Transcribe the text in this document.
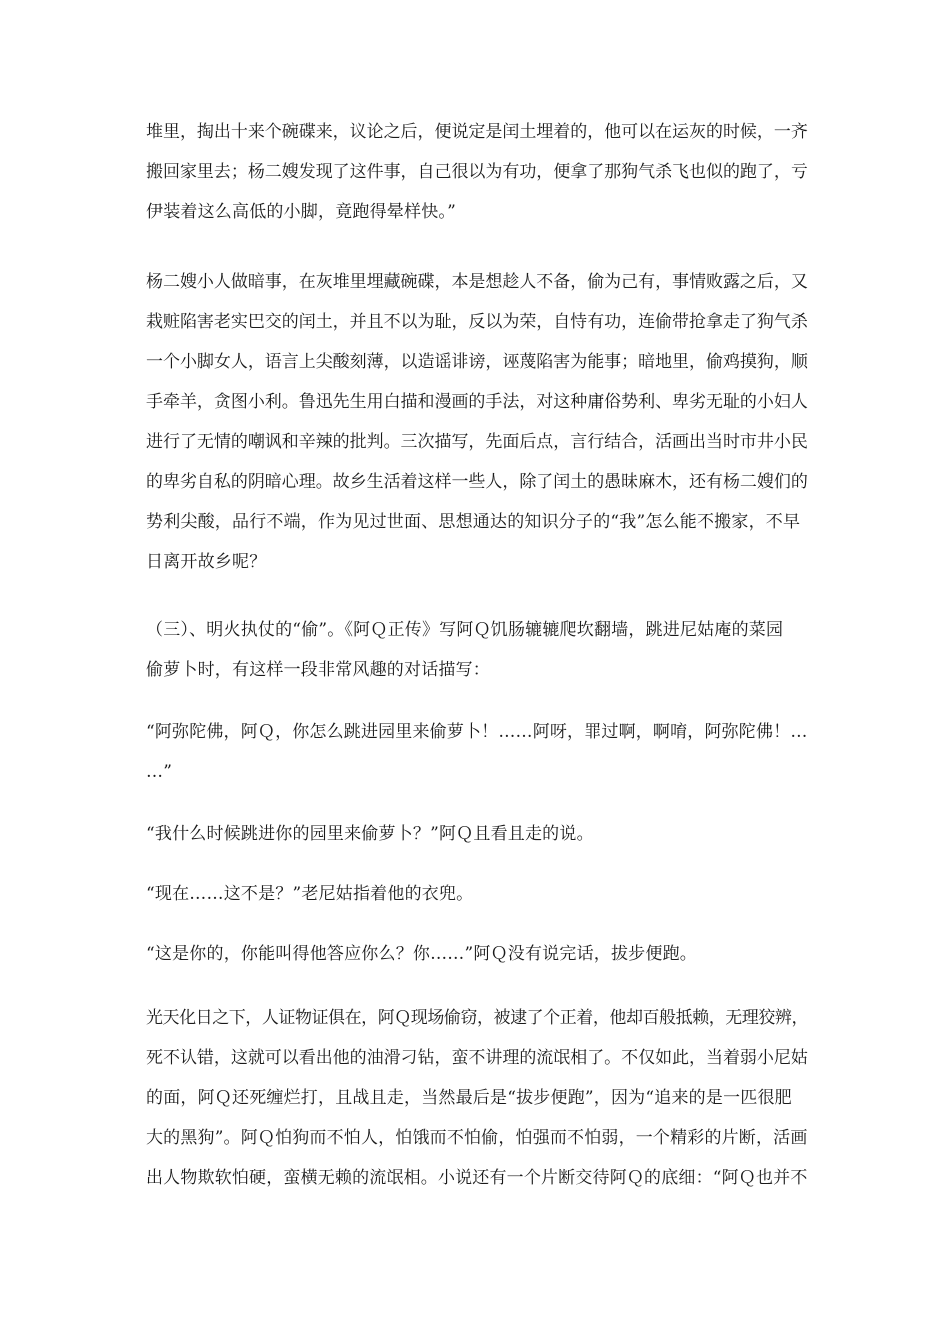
堆里，掏出十来个碗碟来，议论之后，便说定是闰土埋着的，他可以在运灰的时候，一齐
搬回家里去；杨二嫂发现了这件事，自己很以为有功，便拿了那狗气杀飞也似的跑了，亏
伊装着这么高低的小脚，竟跑得晕样快。”
杨二嫂小人做暗事，在灰堆里埋藏碗碟，本是想趁人不备，偷为己有，事情败露之后，又
栽赃陷害老实巴交的闰土，并且不以为耻，反以为荣，自恃有功，连偷带抢拿走了狗气杀
一个小脚女人，语言上尖酸刻薄，以造谣诽谤，诬蔑陷害为能事；暗地里，偷鸡摸狗，顺
手牵羊，贪图小利。鲁迅先生用白描和漫画的手法，对这种庸俗势利、卑劣无耻的小妇人
进行了无情的嘲讽和辛辣的批判。三次描写，先面后点，言行结合，活画出当时市井小民
的卑劣自私的阴暗心理。故乡生活着这样一些人，除了闰土的愚昧麻木，还有杨二嫂们的
势利尖酸，品行不端，作为见过世面、思想通达的知识分子的“我”怎么能不搬家，不早
日离开故乡呢？
（三）、明火执仗的“偷”。《阿Ｑ正传》写阿Ｑ饥肠辘辘爬坎翻墙，跳进尼姑庵的菜园
偷萝卜时，有这样一段非常风趣的对话描写：
“阿弥陀佛，阿Ｑ，你怎么跳进园里来偷萝卜！……阿呀，罪过啊，啊唷，阿弥陀佛！…
…”
“我什么时候跳进你的园里来偷萝卜？”阿Ｑ且看且走的说。
“现在……这不是？”老尼姑指着他的衣兜。
“这是你的，你能叫得他答应你么？你……”阿Ｑ没有说完话，拔步便跑。
光天化日之下，人证物证俱在，阿Ｑ现场偷窃，被逮了个正着，他却百般抵赖，无理狡辨，
死不认错，这就可以看出他的油滑刁钻，蛮不讲理的流氓相了。不仅如此，当着弱小尼姑
的面，阿Ｑ还死缠烂打，且战且走，当然最后是“拔步便跑”，因为“追来的是一匹很肥
大的黑狗”。阿Ｑ怕狗而不怕人，怕饿而不怕偷，怕强而不怕弱，一个精彩的片断，活画
出人物欺软怕硬，蛮横无赖的流氓相。小说还有一个片断交待阿Ｑ的底细：“阿Ｑ也并不
